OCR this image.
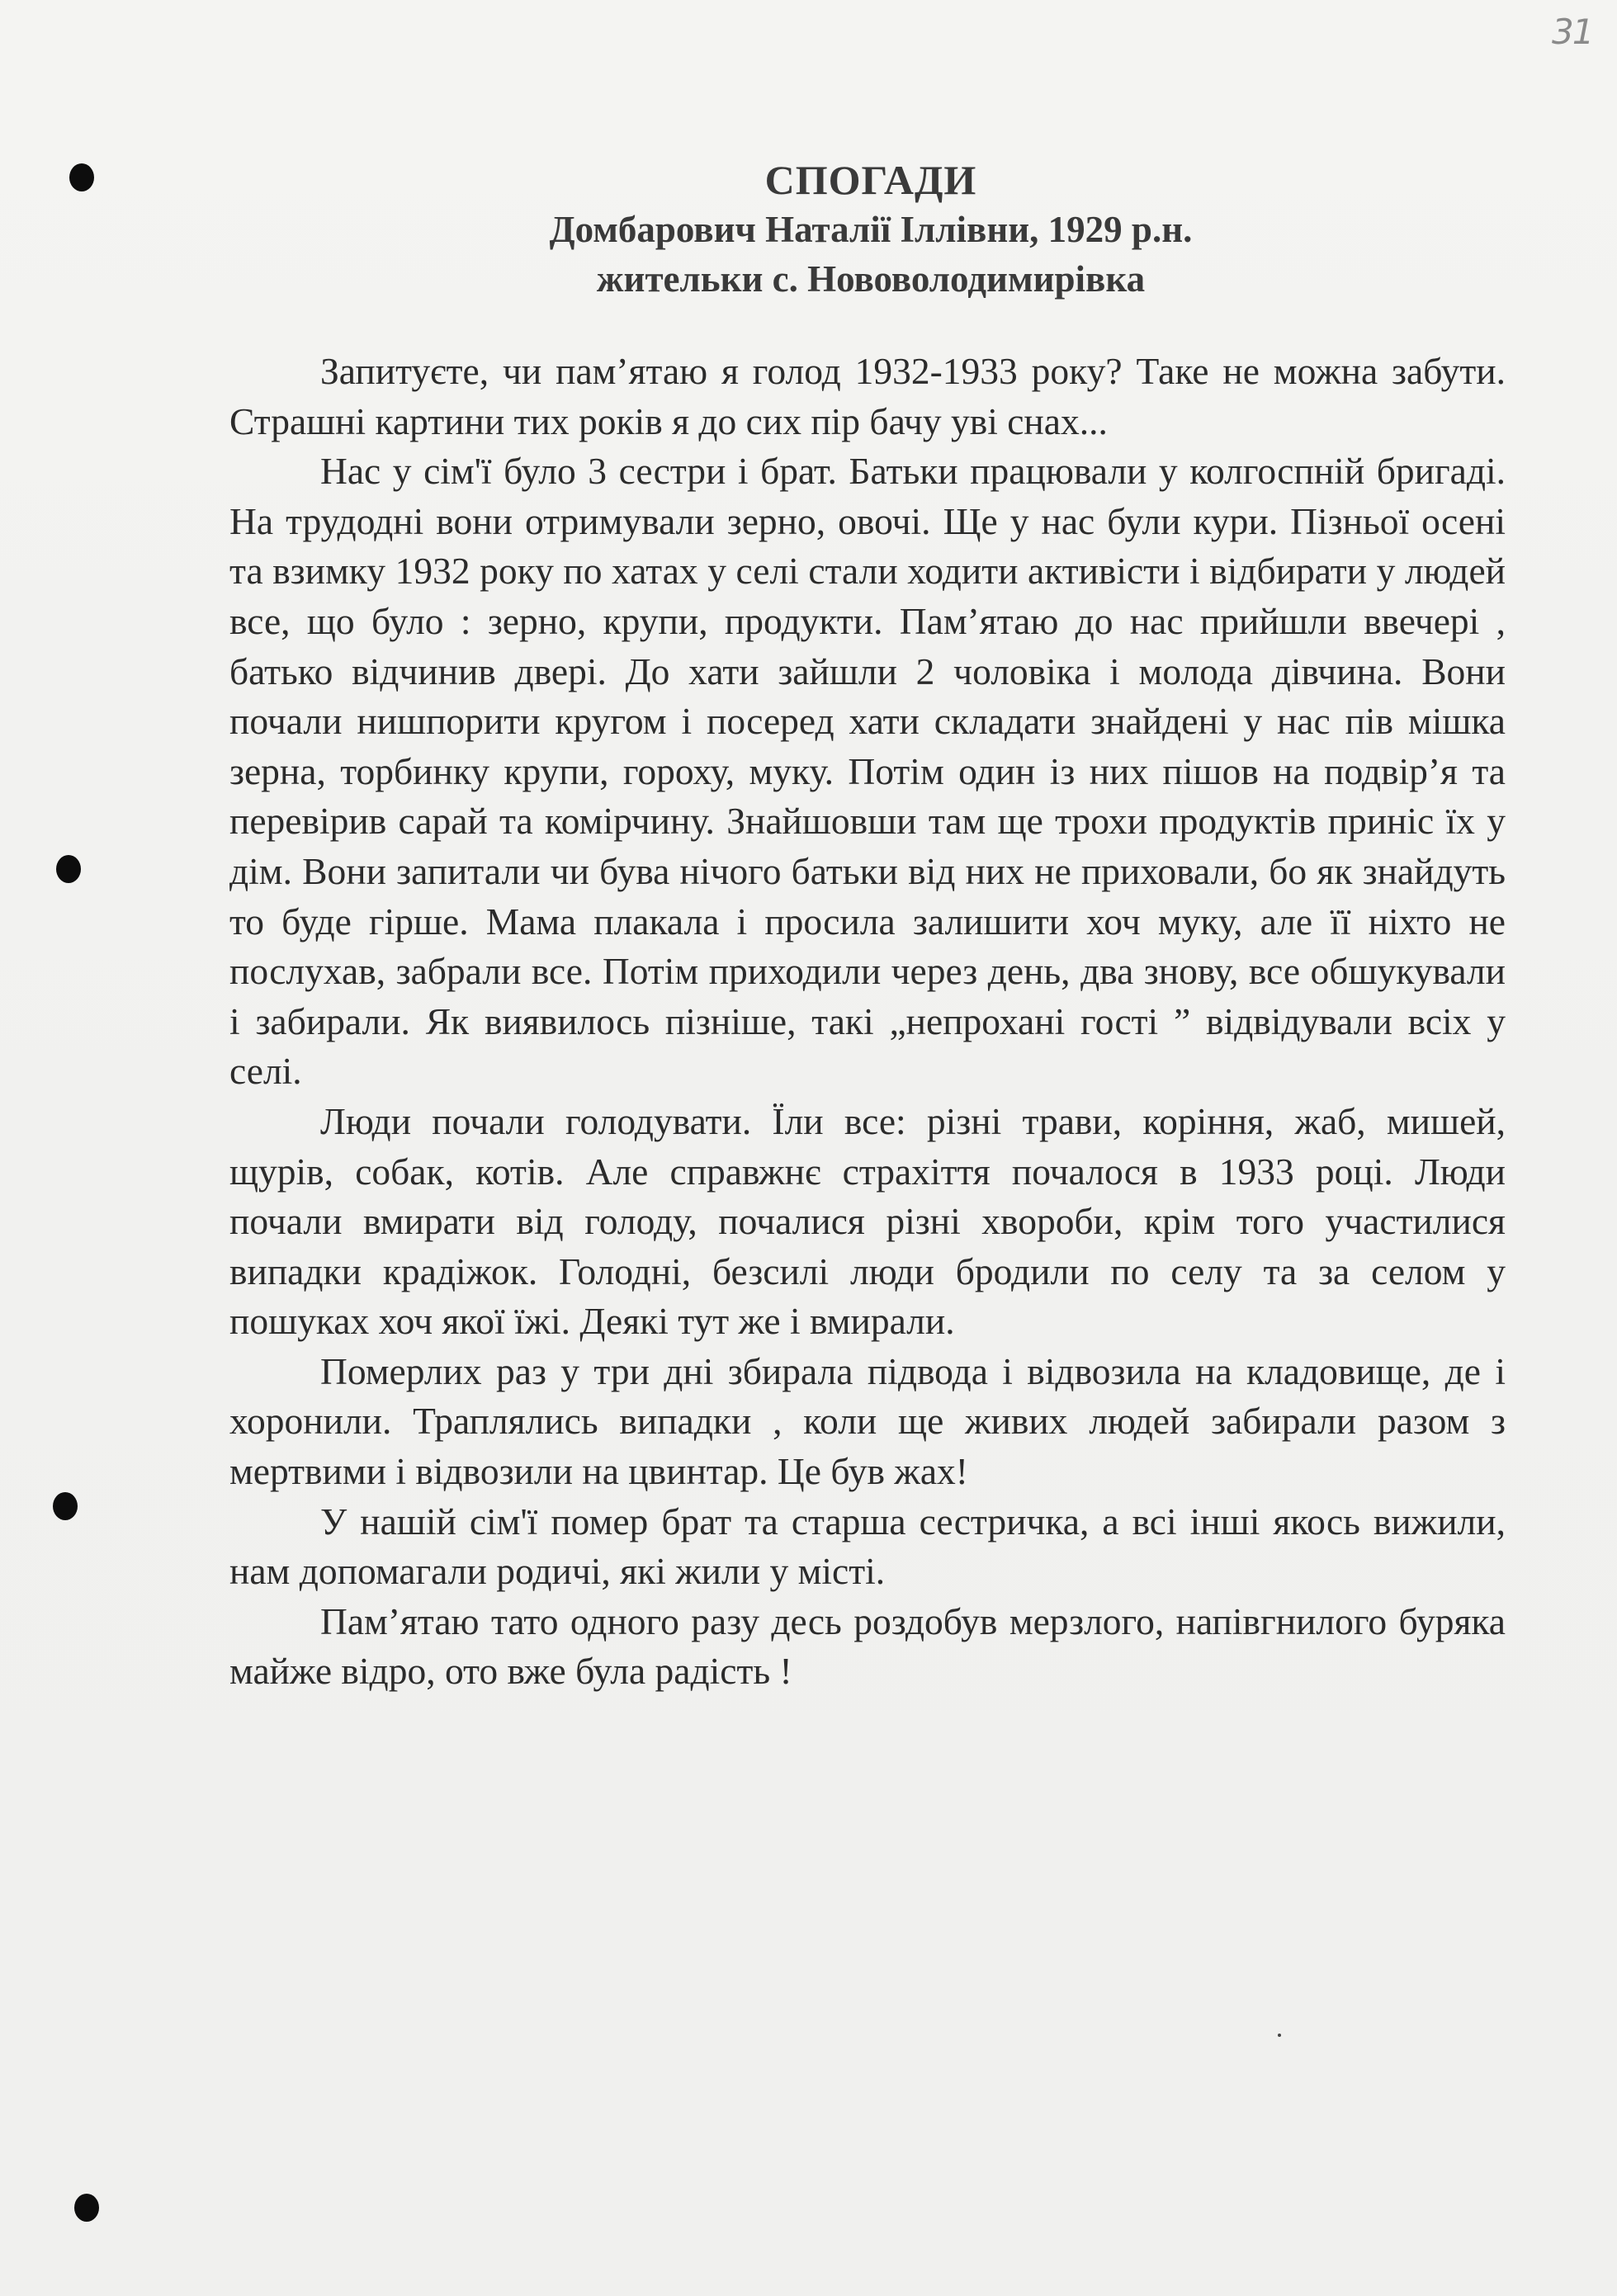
31
СПОГАДИ
Домбарович Наталії Іллівни, 1929 р.н.
жительки с. Нововолодимирівка

Запитуєте, чи пам’ятаю я голод 1932-1933 року? Таке не можна забути. Страшні картини тих років я до сих пір бачу уві снах...

Нас у сім'ї було 3 сестри і брат. Батьки працювали у колгоспній бригаді. На трудодні вони отримували зерно, овочі. Ще у нас були кури. Пізньої осені та взимку 1932 року по хатах у селі стали ходити активісти і відбирати у людей все, що було : зерно, крупи, продукти. Пам’ятаю до нас прийшли ввечері , батько відчинив двері. До хати зайшли 2 чоловіка і молода дівчина. Вони почали нишпорити кругом і посеред хати складати знайдені у нас пів мішка зерна, торбинку крупи, гороху, муку. Потім один із них пішов на подвір’я та перевірив сарай та комірчину. Знайшовши там ще трохи продуктів приніс їх у дім. Вони запитали чи бува нічого батьки від них не приховали, бо як знайдуть то буде гірше. Мама плакала і просила залишити хоч муку, але її ніхто не послухав, забрали все. Потім приходили через день, два знову, все обшукували і забирали. Як виявилось пізніше, такі „непрохані гості ” відвідували всіх у селі.

Люди почали голодувати. Їли все: різні трави, коріння, жаб, мишей, щурів, собак, котів. Але справжнє страхіття почалося в 1933 році. Люди почали вмирати від голоду, почалися різні хвороби, крім того участилися випадки крадіжок. Голодні, безсилі люди бродили по селу та за селом у пошуках хоч якої їжі. Деякі тут же і вмирали.

Померлих раз у три дні збирала підвода і відвозила на кладовище, де і хоронили. Траплялись випадки , коли ще живих людей забирали разом з мертвими і відвозили на цвинтар. Це був жах!

У нашій сім'ї помер брат та старша сестричка, а всі інші якось вижили, нам допомагали родичі, які жили у місті.

Пам’ятаю тато одного разу десь роздобув мерзлого, напівгнилого буряка майже відро, ото вже була радість !
